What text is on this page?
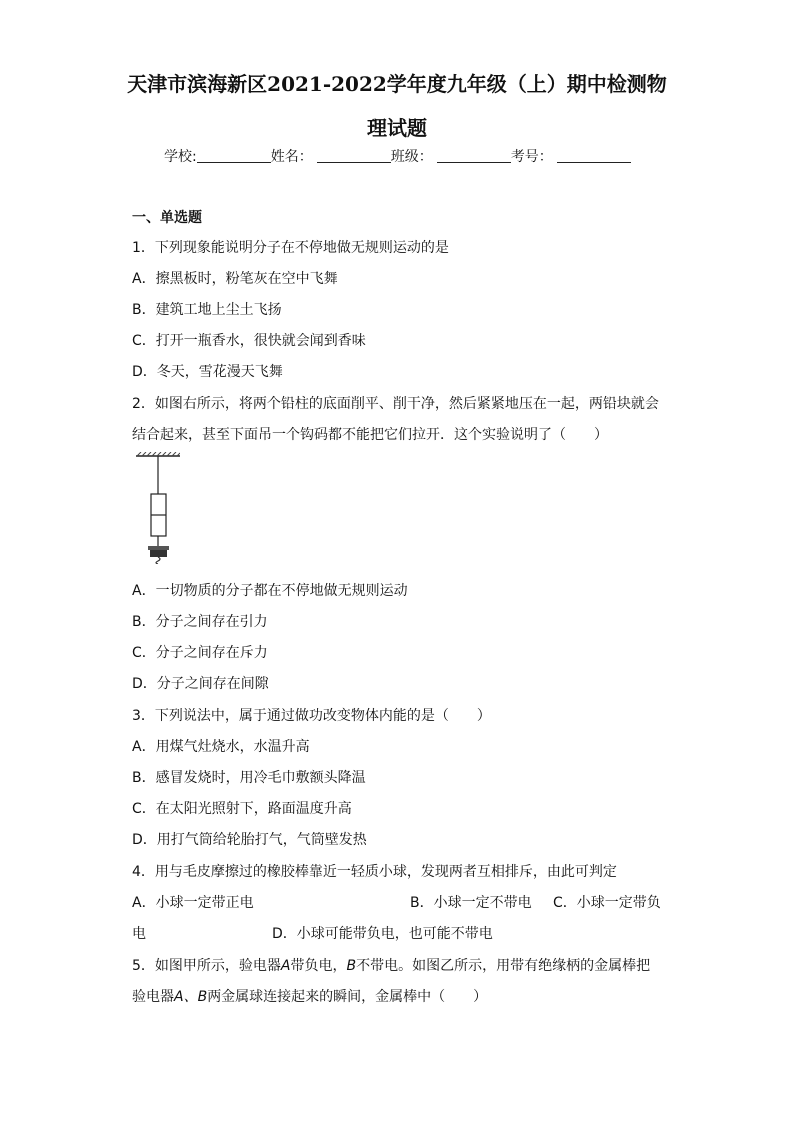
天津市滨海新区2021-2022学年度九年级（上）期中检测物
理试题
学校:	姓名：	班级：	考号：
一、单选题
1．下列现象能说明分子在不停地做无规则运动的是
A．擦黑板时，粉笔灰在空中飞舞
B．建筑工地上尘土飞扬
C．打开一瓶香水，很快就会闻到香味
D．冬天，雪花漫天飞舞
2．如图右所示，将两个铅柱的底面削平、削干净，然后紧紧地压在一起，两铅块就会
结合起来，甚至下面吊一个钩码都不能把它们拉开．这个实验说明了（　　）
A．一切物质的分子都在不停地做无规则运动
B．分子之间存在引力
C．分子之间存在斥力
D．分子之间存在间隙
3．下列说法中，属于通过做功改变物体内能的是（　　）
A．用煤气灶烧水，水温升高
B．感冒发烧时，用冷毛巾敷额头降温
C．在太阳光照射下，路面温度升高
D．用打气筒给轮胎打气，气筒壁发热
4．用与毛皮摩擦过的橡胶棒靠近一轻质小球，发现两者互相排斥，由此可判定
A．小球一定带正电	B．小球一定不带电 C．小球一定带负
电	D．小球可能带负电，也可能不带电
5．如图甲所示，验电器A带负电，B不带电。如图乙所示，用带有绝缘柄的金属棒把
验电器A、B两金属球连接起来的瞬间，金属棒中（　　）
